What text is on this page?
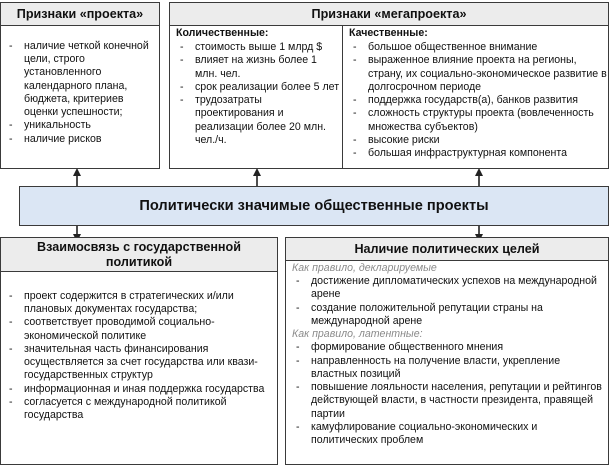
Признаки «проекта»
- наличие четкой конечной цели, строго установленного календарного плана, бюджета, критериев оценки успешности;
- уникальность
- наличие рисков
Признаки «мегапроекта»
Количественные:
- стоимость выше 1 млрд $
- влияет на жизнь более 1 млн. чел.
- срок реализации более 5 лет
- трудозатраты проектирования и реализации более 20 млн. чел./ч.
Качественные:
- большое общественное внимание
- выраженное влияние проекта на регионы, страну, их социально-экономическое развитие в долгосрочном периоде
- поддержка государств(а), банков развития
- сложность структуры проекта (вовлеченность множества субъектов)
- высокие риски
- большая инфраструктурная компонента
Политически значимые общественные проекты
Взаимосвязь с государственной политикой
- проект содержится в стратегических и/или плановых документах государства;
- соответствует проводимой социально-экономической политике
- значительная часть финансирования осуществляется за счет государства или квази-государственных структур
- информационная и иная поддержка государства
- согласуется с международной политикой государства
Наличие политических целей
Как правило, декларируемые
- достижение дипломатических успехов на международной арене
- создание положительной репутации страны на международной арене
Как правило, латентные:
- формирование общественного мнения
- направленность на получение власти, укрепление властных позиций
- повышение лояльности населения, репутации и рейтингов действующей власти, в частности президента, правящей партии
- камуфлирование социально-экономических и политических проблем
